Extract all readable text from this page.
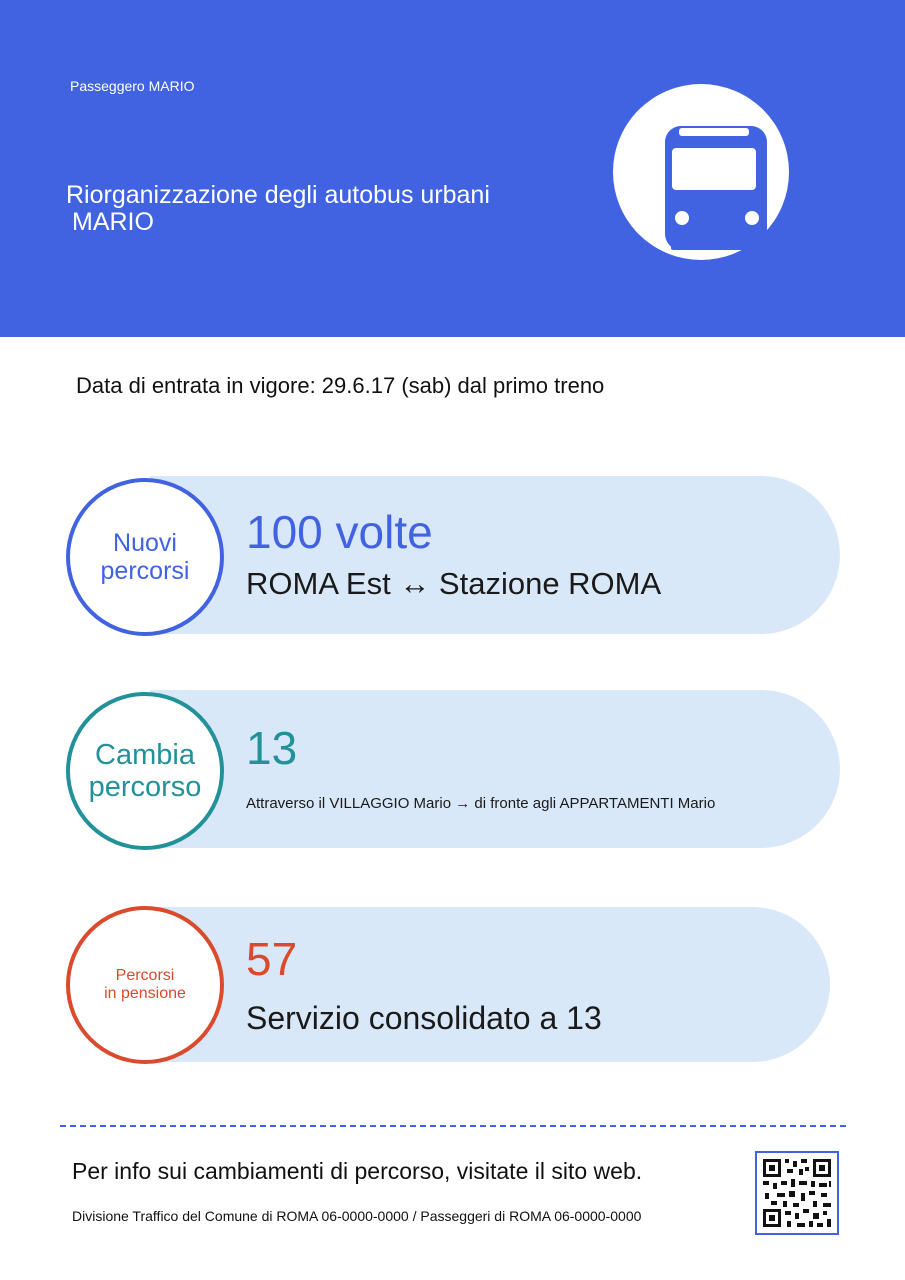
Passeggero MARIO
Riorganizzazione degli autobus urbani
MARIO
Data di entrata in vigore: 29.6.17 (sab) dal primo treno
Nuovi
percorsi
100 volte
ROMA Est ↔ Stazione ROMA
Cambia
percorso
13
Attraverso il VILLAGGIO Mario → di fronte agli APPARTAMENTI Mario
Percorsi
in pensione
57
Servizio consolidato a 13
Per info sui cambiamenti di percorso, visitate il sito web.
Divisione Traffico del Comune di ROMA 06-0000-0000 / Passeggeri di ROMA 06-0000-0000
